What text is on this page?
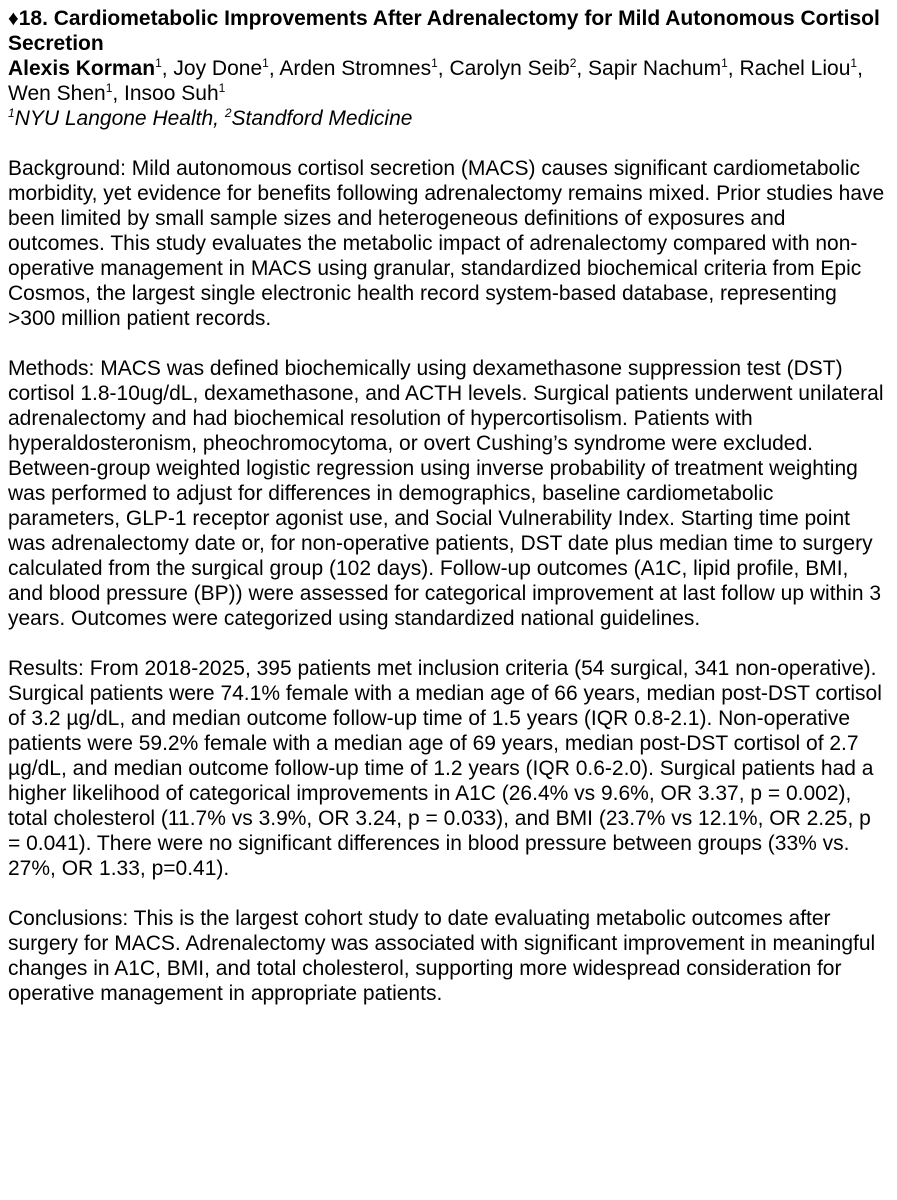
♦18. Cardiometabolic Improvements After Adrenalectomy for Mild Autonomous Cortisol Secretion

Alexis Korman$^1$, Joy Done$^1$, Arden Stromnes$^1$, Carolyn Seib$^2$, Sapir Nachum$^1$, Rachel Liou$^1$, Wen Shen$^1$, Insoo Suh$^1$

$^1$NYU Langone Health, $^2$Standford Medicine

Background: Mild autonomous cortisol secretion (MACS) causes significant cardiometabolic morbidity, yet evidence for benefits following adrenalectomy remains mixed. Prior studies have been limited by small sample sizes and heterogeneous definitions of exposures and outcomes. This study evaluates the metabolic impact of adrenalectomy compared with non-operative management in MACS using granular, standardized biochemical criteria from Epic Cosmos, the largest single electronic health record system-based database, representing >300 million patient records.

Methods: MACS was defined biochemically using dexamethasone suppression test (DST) cortisol 1.8-10ug/dL, dexamethasone, and ACTH levels. Surgical patients underwent unilateral adrenalectomy and had biochemical resolution of hypercortisolism. Patients with hyperaldosteronism, pheochromocytoma, or overt Cushing’s syndrome were excluded.

Between-group weighted logistic regression using inverse probability of treatment weighting was performed to adjust for differences in demographics, baseline cardiometabolic parameters, GLP-1 receptor agonist use, and Social Vulnerability Index. Starting time point was adrenalectomy date or, for non-operative patients, DST date plus median time to surgery calculated from the surgical group (102 days). Follow-up outcomes (A1C, lipid profile, BMI, and blood pressure (BP)) were assessed for categorical improvement at last follow up within 3 years. Outcomes were categorized using standardized national guidelines.

Results: From 2018-2025, 395 patients met inclusion criteria (54 surgical, 341 non-operative). Surgical patients were 74.1% female with a median age of 66 years, median post-DST cortisol of 3.2 µg/dL, and median outcome follow-up time of 1.5 years (IQR 0.8-2.1). Non-operative patients were 59.2% female with a median age of 69 years, median post-DST cortisol of 2.7 µg/dL, and median outcome follow-up time of 1.2 years (IQR 0.6-2.0). Surgical patients had a higher likelihood of categorical improvements in A1C (26.4% vs 9.6%, OR 3.37, p = 0.002), total cholesterol (11.7% vs 3.9%, OR 3.24, p = 0.033), and BMI (23.7% vs 12.1%, OR 2.25, p = 0.041). There were no significant differences in blood pressure between groups (33% vs. 27%, OR 1.33, p=0.41).

Conclusions: This is the largest cohort study to date evaluating metabolic outcomes after surgery for MACS. Adrenalectomy was associated with significant improvement in meaningful changes in A1C, BMI, and total cholesterol, supporting more widespread consideration for operative management in appropriate patients.
